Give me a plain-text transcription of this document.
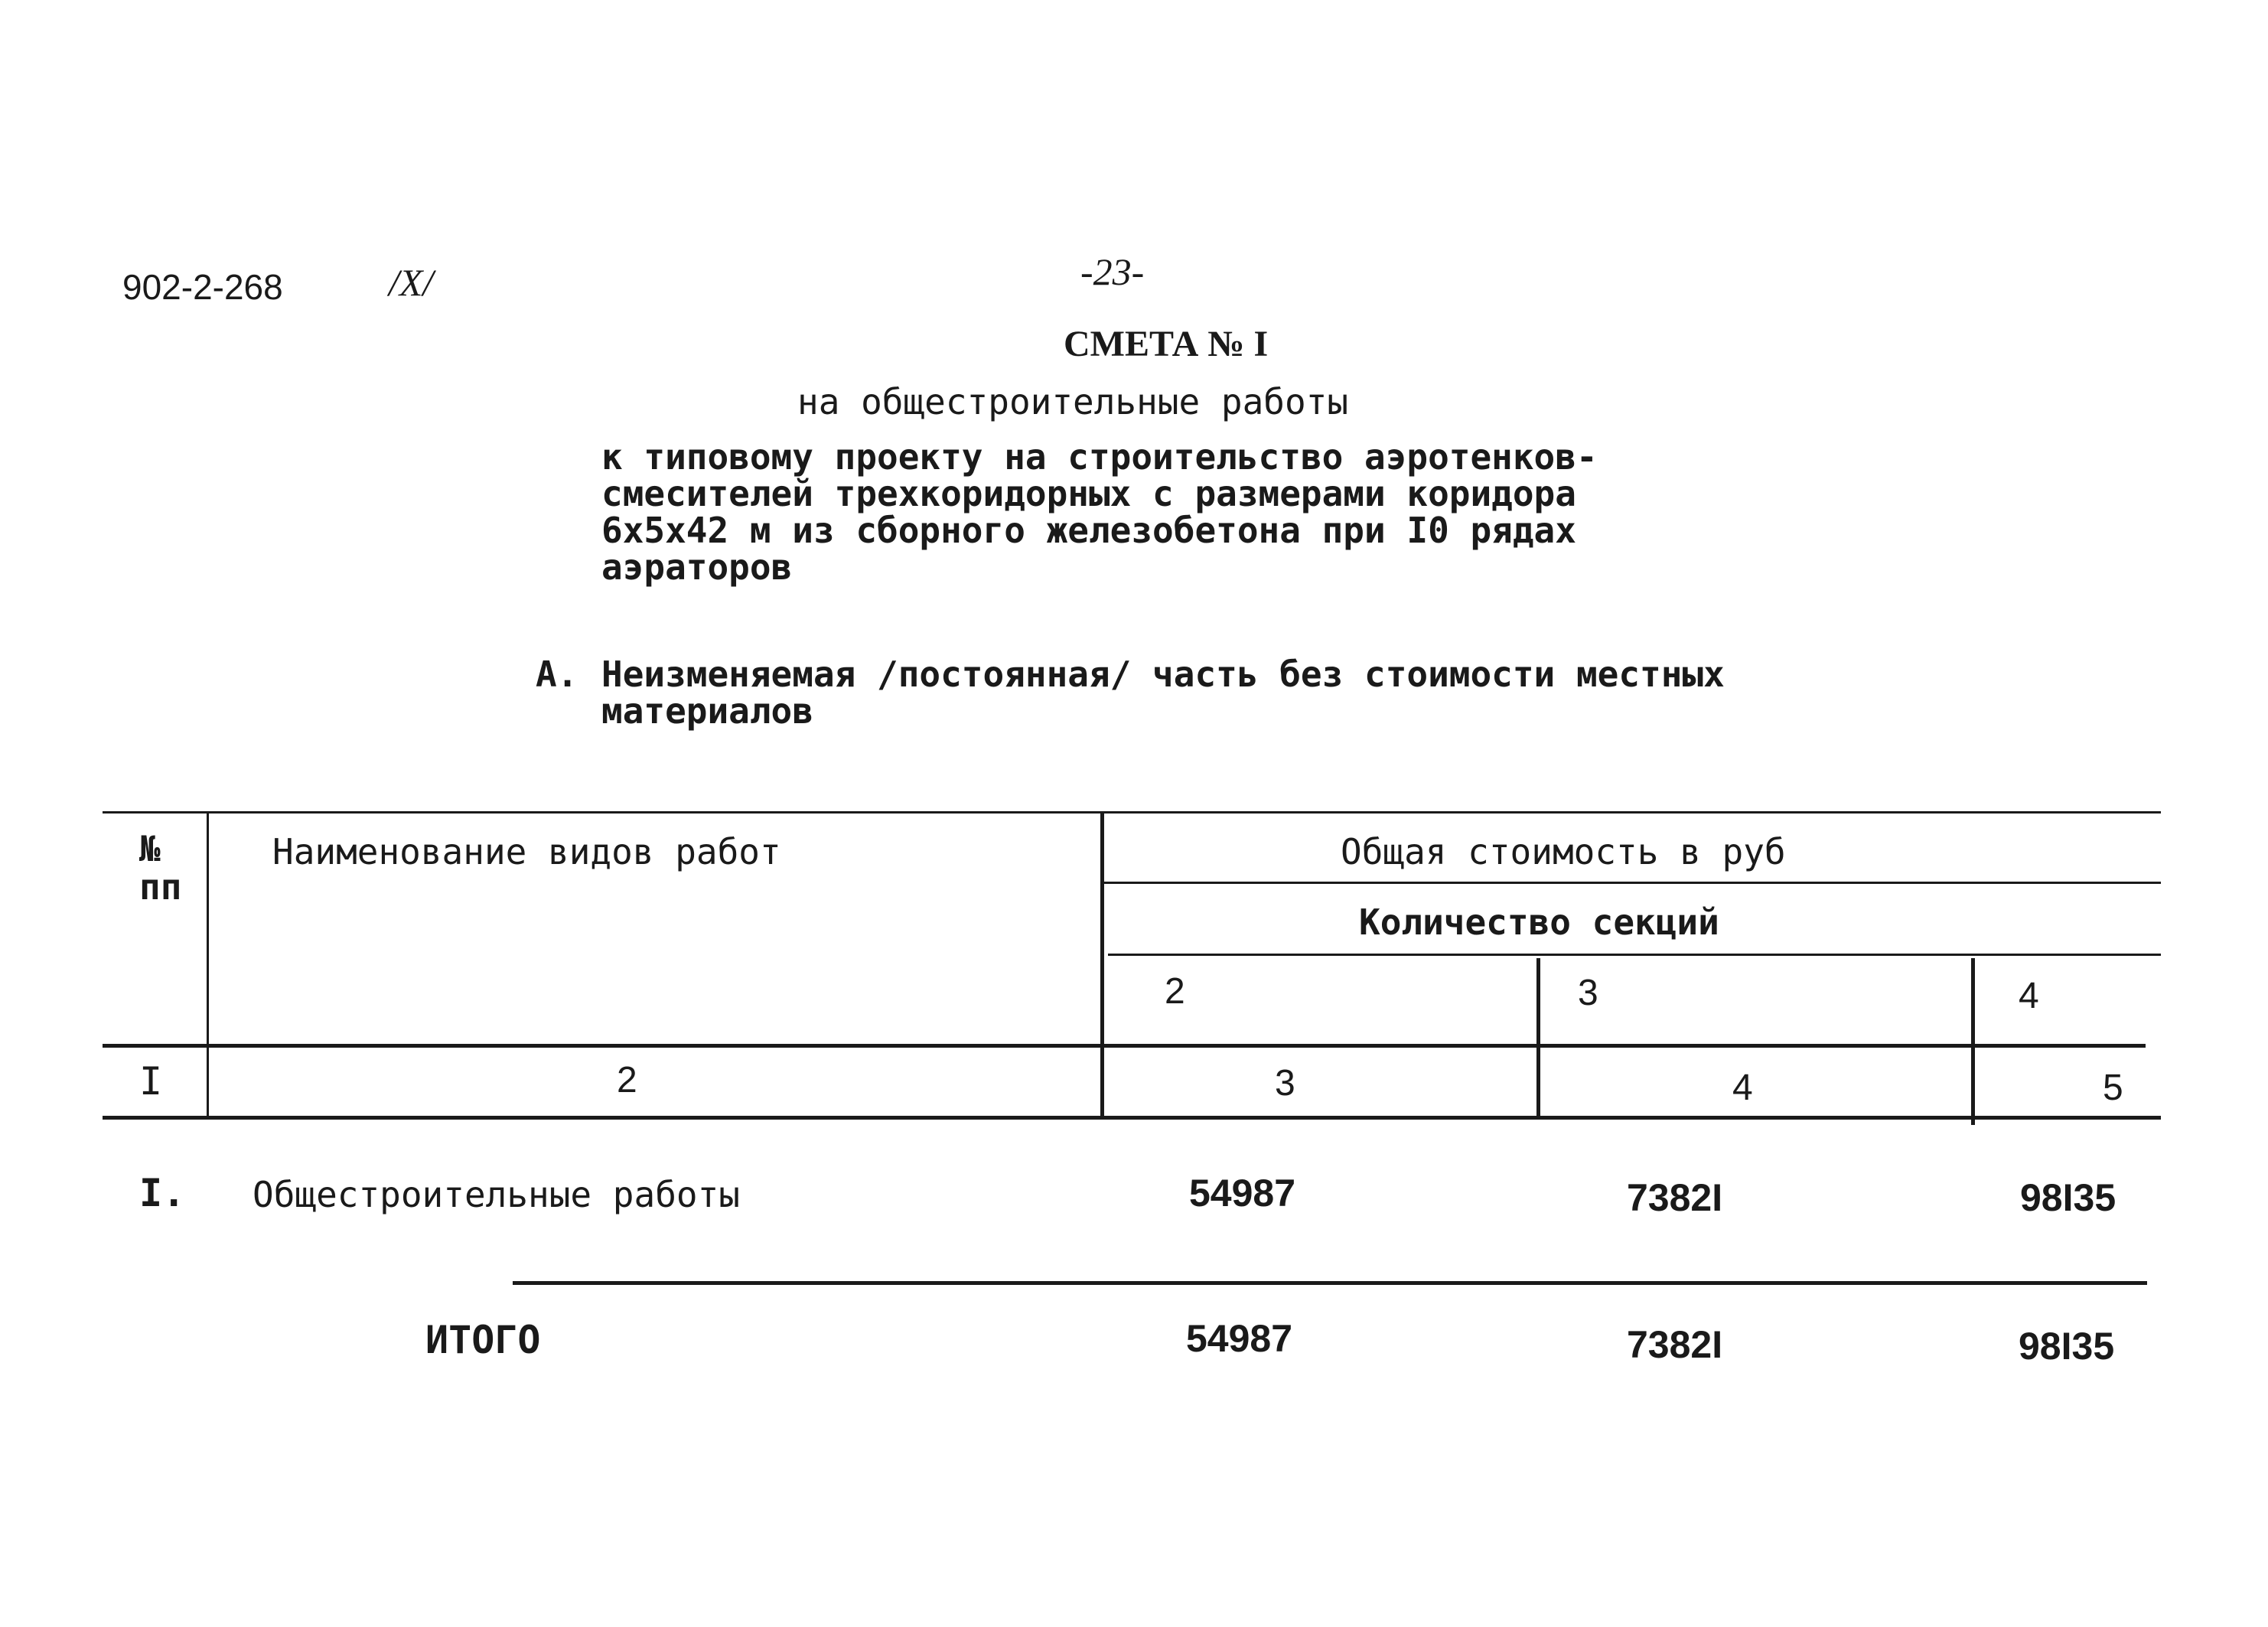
902-2-268	/X/	-23-
СМЕТА № I
на общестроительные работы
к типовому проекту на строительство аэротенков-
смесителей трехкоридорных с размерами коридора
6х5х42 м из сборного железобетона при I0 рядах
аэраторов
А. Неизменяемая /постоянная/ часть без стоимости местных
материалов
№
пп
Наименование видов работ	Общая стоимость в руб
Количество секций
2	3	4
I	2	3	4	5
I. Общестроительные работы	54987	7382I	98I35
ИТОГО	54987	7382I	98I35
